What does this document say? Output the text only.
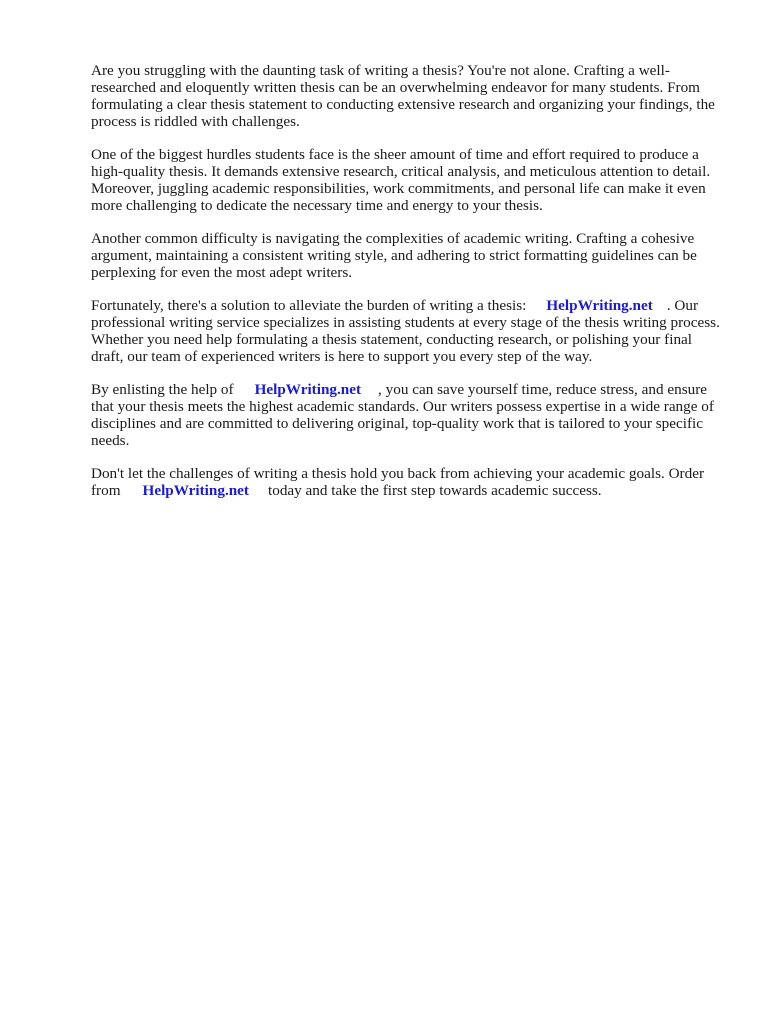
Are you struggling with the daunting task of writing a thesis? You're not alone. Crafting a well-researched and eloquently written thesis can be an overwhelming endeavor for many students. From formulating a clear thesis statement to conducting extensive research and organizing your findings, the process is riddled with challenges.

One of the biggest hurdles students face is the sheer amount of time and effort required to produce a high-quality thesis. It demands extensive research, critical analysis, and meticulous attention to detail. Moreover, juggling academic responsibilities, work commitments, and personal life can make it even more challenging to dedicate the necessary time and energy to your thesis.

Another common difficulty is navigating the complexities of academic writing. Crafting a cohesive argument, maintaining a consistent writing style, and adhering to strict formatting guidelines can be perplexing for even the most adept writers.

Fortunately, there's a solution to alleviate the burden of writing a thesis: HelpWriting.net . Our professional writing service specializes in assisting students at every stage of the thesis writing process. Whether you need help formulating a thesis statement, conducting research, or polishing your final draft, our team of experienced writers is here to support you every step of the way.

By enlisting the help of HelpWriting.net , you can save yourself time, reduce stress, and ensure that your thesis meets the highest academic standards. Our writers possess expertise in a wide range of disciplines and are committed to delivering original, top-quality work that is tailored to your specific needs.

Don't let the challenges of writing a thesis hold you back from achieving your academic goals. Order from HelpWriting.net today and take the first step towards academic success.
